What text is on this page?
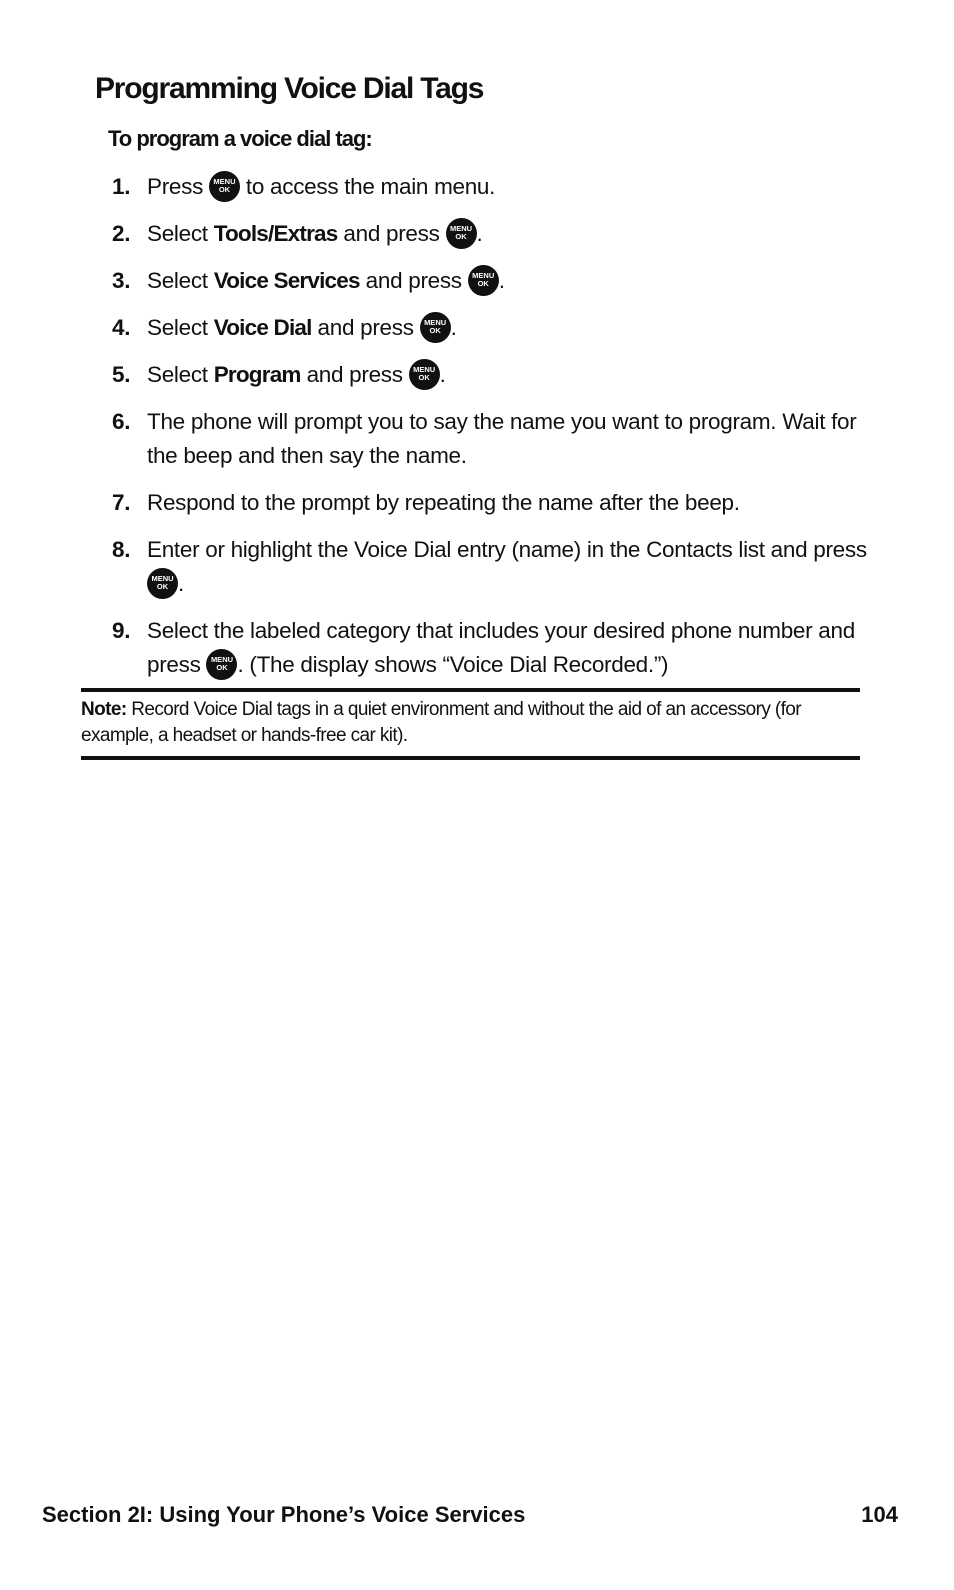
Programming Voice Dial Tags
To program a voice dial tag:
1. Press	MENU
OK to access the main menu.
2. Select Tools/Extras and press	MENU
OK .
3. Select Voice Services and press	MENU
OK .
4. Select Voice Dial and press	MENU
OK .
5. Select Program and press	MENU
OK .
6. The phone will prompt you to say the name you want to program. Wait for the beep and then say the name.
7. Respond to the prompt by repeating the name after the beep.
8. Enter or highlight the Voice Dial entry (name) in the Contacts list and press
MENU
OK .
9. Select the labeled category that includes your desired phone number and press	MENU
OK . (The display shows “Voice Dial Recorded.”)
Note: Record Voice Dial tags in a quiet environment and without the aid of an accessory (for example, a headset or hands-free car kit).
Section 2I: Using Your Phone’s Voice Services	104
